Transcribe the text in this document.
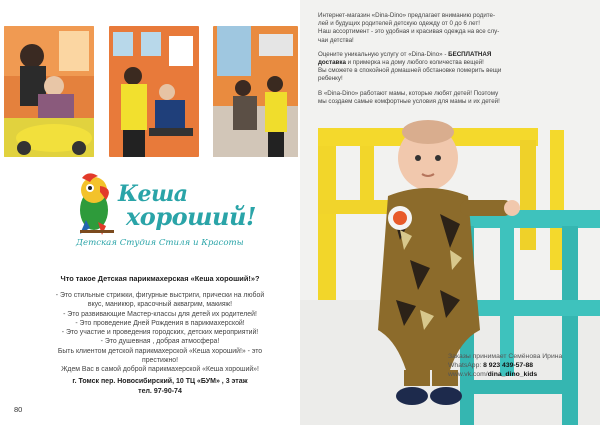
Кеша
хороший!
Детская Студия Стиля и Красоты
Что такое Детская парикмахерская «Кеша хороший!»?
- Это стильные стрижки, фигурные выстриги, прически на любой
вкус, маникюр, красочный аквагрим, макияж!
- Это развивающие Мастер-классы для детей их родителей!
- Это проведение Дней Рождения в парикмахерской!
- Это участие и проведения городских, детских мероприятий!
- Это душевная , добрая атмосфера!
Быть клиентом детской парикмахерской «Кеша хороший!» - это
престижно!
Ждем Вас в самой доброй парикмахерской «Кеша хороший»!
г. Томск пер. Новосибирский, 10 ТЦ «БУМ» , 3 этаж
тел. 97-90-74
80

Интернет-магазин «Dina-Dino» предлагает вниманию родите-
лей и будущих родителей детскую одежду от 0 до 6 лет!
Наш ассортимент - это удобная и красивая одежда на все слу-
чаи детства!

Оцените уникальную услугу от «Dina-Dino» - БЕСПЛАТНАЯ
доставка и примерка на дому любого количества вещей!
Вы сможете в спокойной домашней обстановке померить вещи
ребенку!

В «Dina-Dino» работают мамы, которые любят детей! Поэтому
мы создаем самые комфортные условия для мамы и их детей!

Заказы принимает Семёнова Ирина
WhatsApp: 8 923 439-57-88
www.vk.com/dina_dino_kids
